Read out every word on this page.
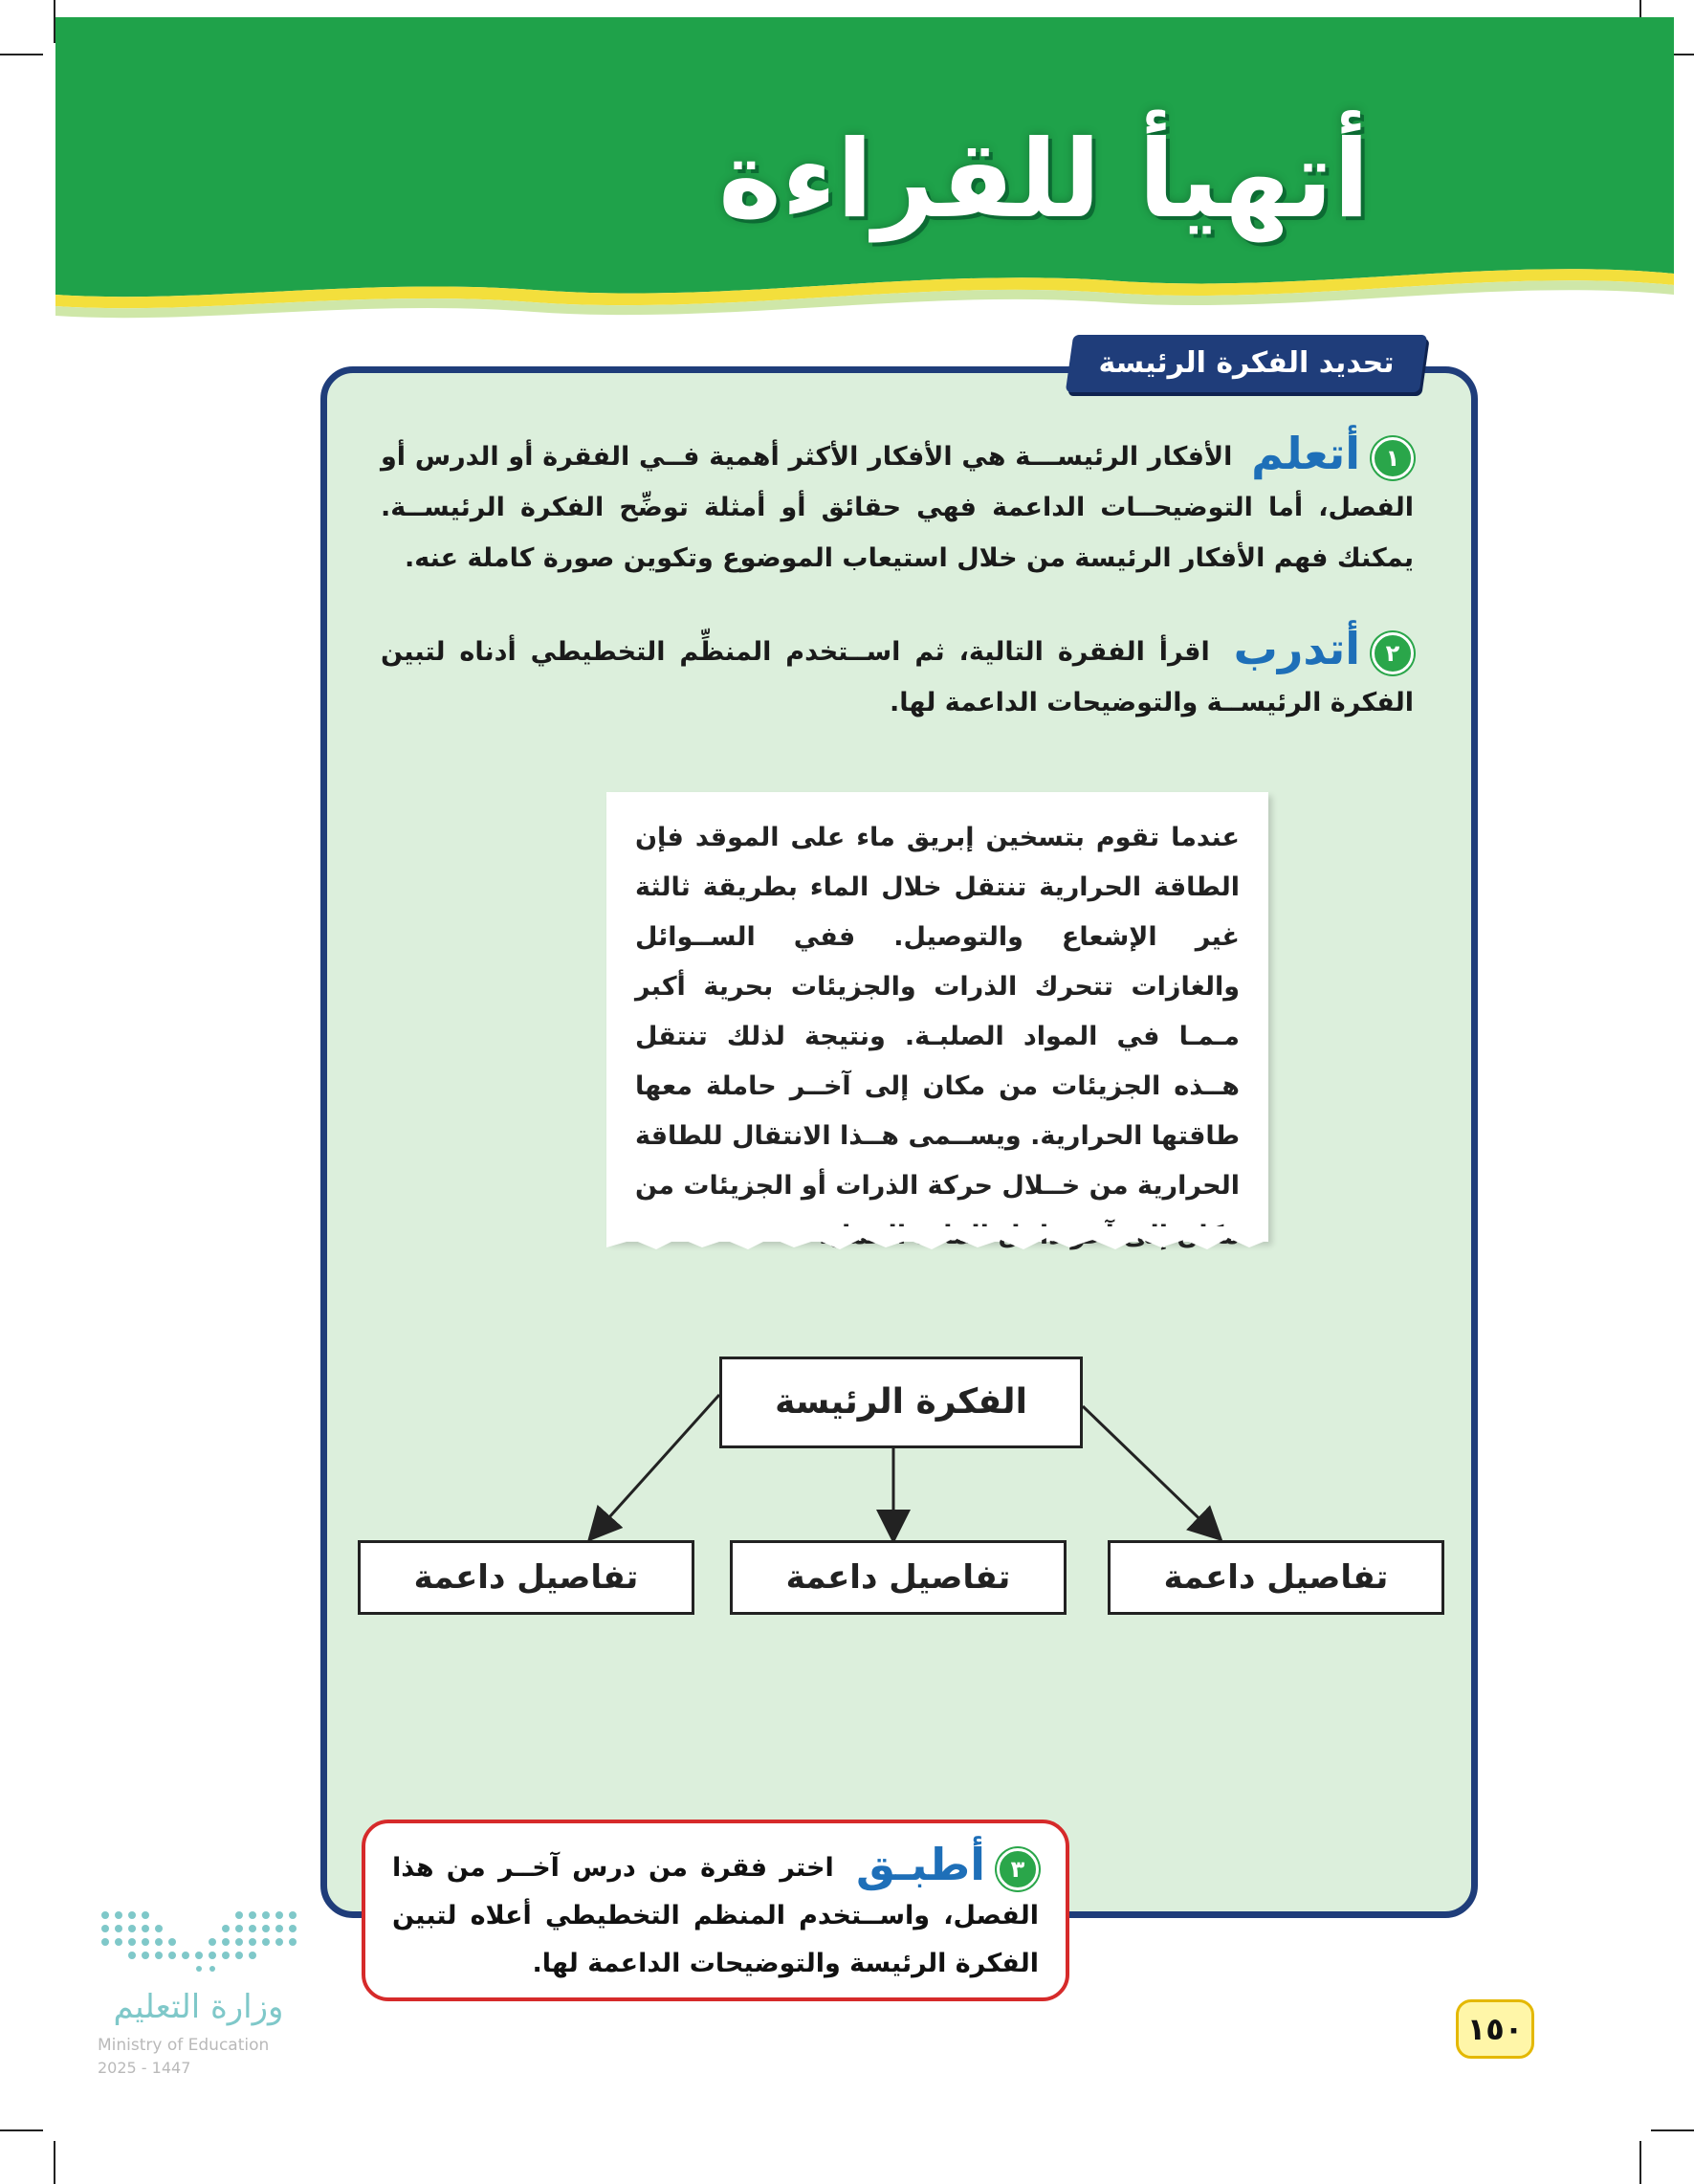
أتهيأ للقراءة
تحديد الفكرة الرئيسة
١أتعلم الأفكار الرئيســـة هي الأفكار الأكثر أهمية فــي الفقرة أو الدرس أو الفصل، أما التوضيحــات الداعمة فهي حقائق أو أمثلة توضِّح الفكرة الرئيســة. يمكنك فهم الأفكار الرئيسة من خلال استيعاب الموضوع وتكوين صورة كاملة عنه.
٢أتدرب اقرأ الفقرة التالية، ثم اســتخدم المنظِّم التخطيطي أدناه لتبين الفكرة الرئيســة والتوضيحات الداعمة لها.
عندما تقوم بتسخين إبريق ماء على الموقد فإن الطاقة الحرارية تنتقل خلال الماء بطريقة ثالثة غير الإشعاع والتوصيل. ففي الســوائل والغازات تتحرك الذرات والجزيئات بحرية أكبر مـمـا في المواد الصلبـة. ونتيجة لذلك تنتقل هــذه الجزيئات من مكان إلى آخــر حاملة معها طاقتها الحرارية. ويســمى هــذا الانتقال للطاقة الحرارية من خــلال حركة الذرات أو الجزيئات من
الفكرة الرئيسة
تفاصيل داعمة
تفاصيل داعمة
تفاصيل داعمة
٣أطبـق اختر فقرة من درس آخــر من هذا الفصل، واســتخدم المنظم التخطيطي أعلاه لتبين الفكرة الرئيسة والتوضيحات الداعمة لها.
وزارة التعليم
Ministry of Education
2025 - 1447
١٥٠
